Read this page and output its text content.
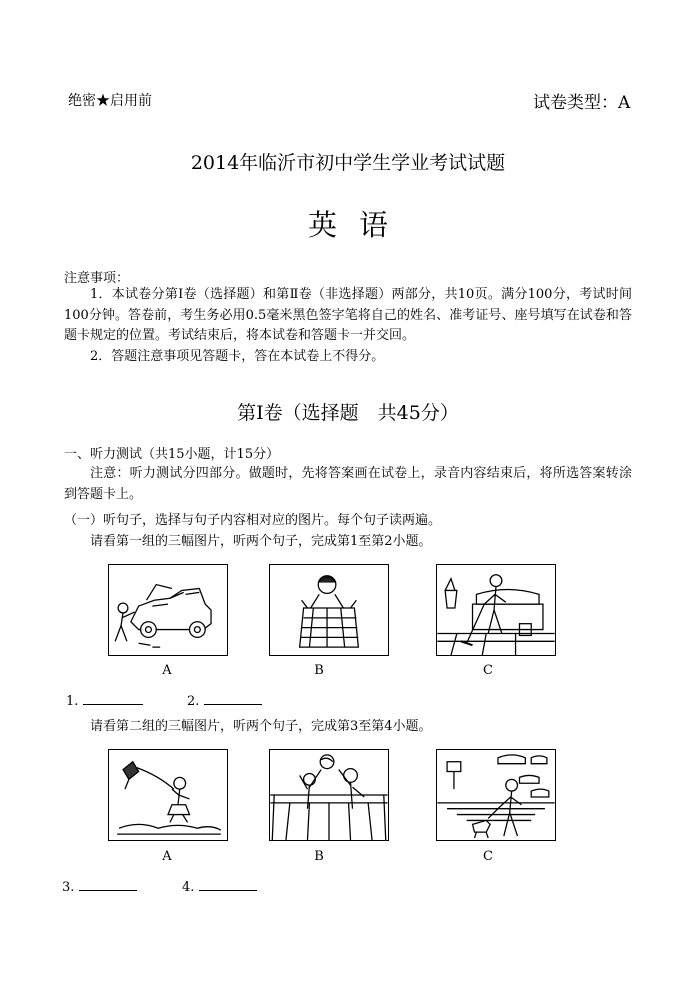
绝密★启用前	试卷类型：A
2014年临沂市初中学生学业考试试题
英语
注意事项：
1．本试卷分第Ⅰ卷（选择题）和第Ⅱ卷（非选择题）两部分，共10页。满分100分，考试时间100分钟。答卷前，考生务必用0.5毫米黑色签字笔将自己的姓名、准考证号、座号填写在试卷和答题卡规定的位置。考试结束后，将本试卷和答题卡一并交回。
2．答题注意事项见答题卡，答在本试卷上不得分。
第Ⅰ卷（选择题　共45分）
一、听力测试（共15小题，计15分）
注意：听力测试分四部分。做题时，先将答案画在试卷上，录音内容结束后，将所选答案转涂到答题卡上。
（一）听句子，选择与句子内容相对应的图片。每个句子读两遍。
请看第一组的三幅图片，听两个句子，完成第1至第2小题。
A	B	C
1.	2.
请看第二组的三幅图片，听两个句子，完成第3至第4小题。
A	B	C
3.	4.
